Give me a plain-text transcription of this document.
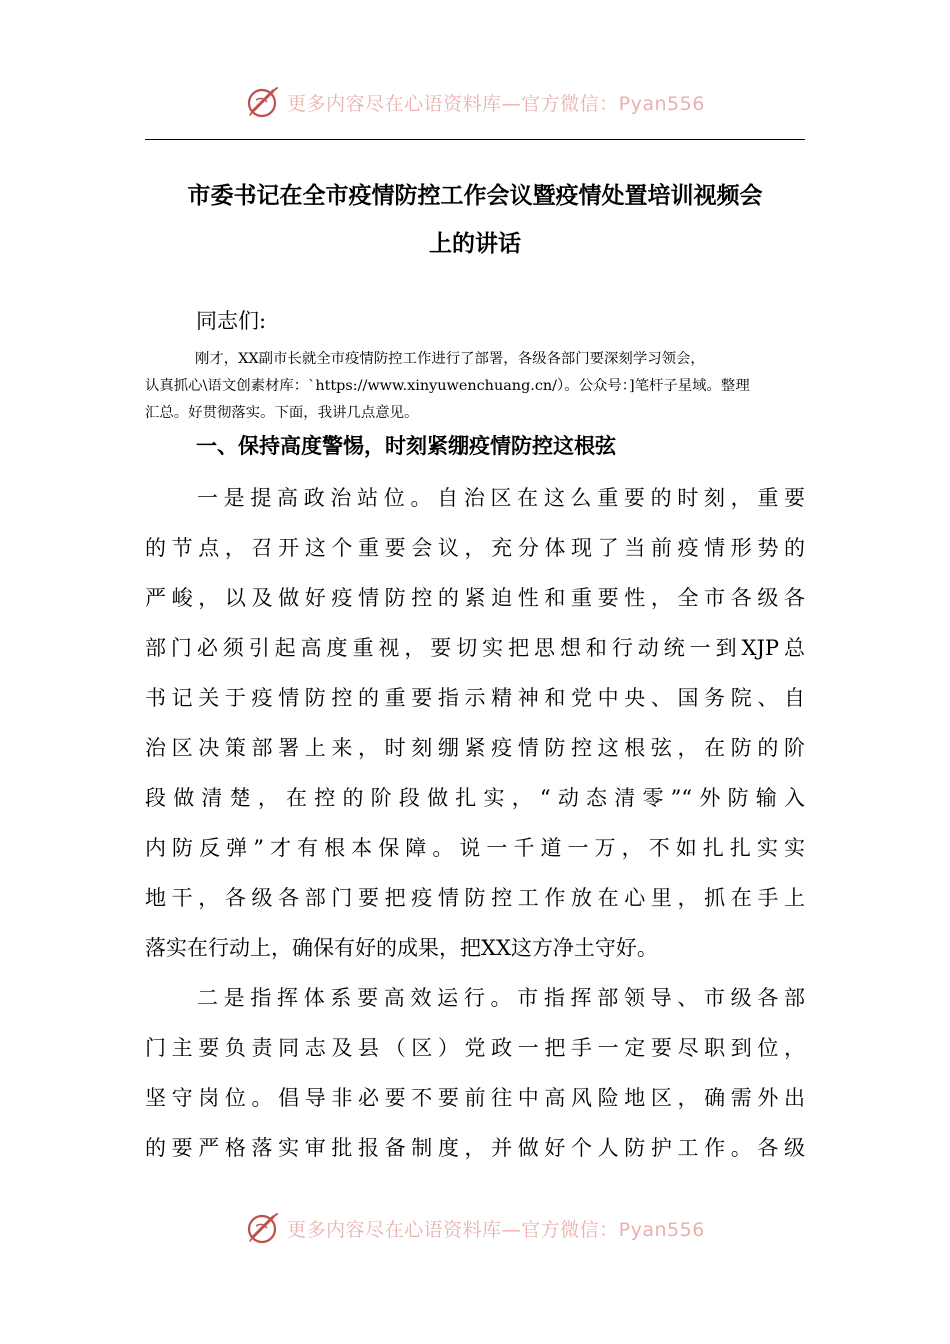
更多内容尽在心语资料库—官方微信：Pyan556
市委书记在全市疫情防控工作会议暨疫情处置培训视频会
上的讲话
同志们:
刚才，XX副市长就全市疫情防控工作进行了部署，各级各部门要深刻学习领会，
认真抓心\语文创素材库：`https://www.xinyuwenchuang.cn/）。公众号：]笔杆子星域。整理
汇总。好贯彻落实。下面，我讲几点意见。
一、保持高度警惕，时刻紧绷疫情防控这根弦
一是提高政治站位。自治区在这么重要的时刻，重要
的节点，召开这个重要会议，充分体现了当前疫情形势的
严峻，以及做好疫情防控的紧迫性和重要性，全市各级各
部门必须引起高度重视，要切实把思想和行动统一到XJP总
书记关于疫情防控的重要指示精神和党中央、国务院、自
治区决策部署上来，时刻绷紧疫情防控这根弦，在防的阶
段做清楚，在控的阶段做扎实，“动态清零”“外防输入
内防反弹”才有根本保障。说一千道一万，不如扎扎实实
地干，各级各部门要把疫情防控工作放在心里，抓在手上
落实在行动上，确保有好的成果，把XX这方净土守好。
二是指挥体系要高效运行。市指挥部领导、市级各部
门主要负责同志及县（区）党政一把手一定要尽职到位，
坚守岗位。倡导非必要不要前往中高风险地区，确需外出
的要严格落实审批报备制度，并做好个人防护工作。各级
更多内容尽在心语资料库—官方微信：Pyan556
